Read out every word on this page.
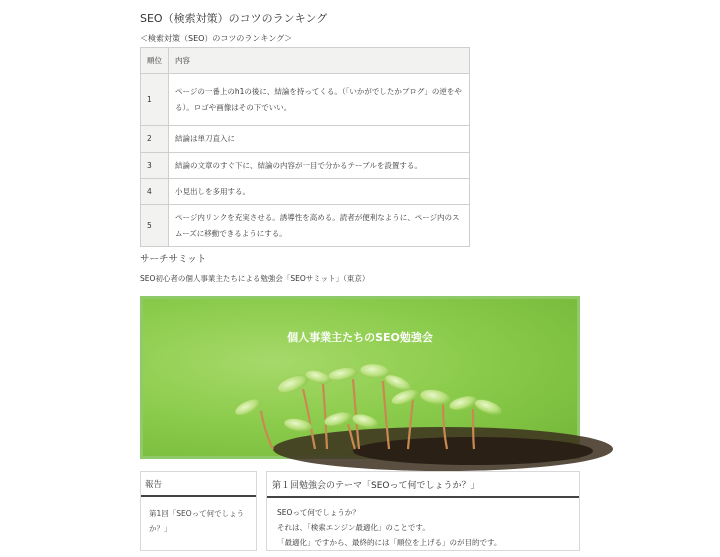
SEO（検索対策）のコツのランキング
＜検索対策（SEO）のコツのランキング＞
順位	内容
1	ページの一番上のh1の後に、結論を持ってくる。（「いかがでしたかブログ」の逆をやる）。ロゴや画像はその下でいい。
2	結論は単刀直入に
3	結論の文章のすぐ下に、結論の内容が一目で分かるテーブルを設置する。
4	小見出しを多用する。
5	ページ内リンクを充実させる。誘導性を高める。読者が便利なように、ページ内のスムーズに移動できるようにする。
サーチサミット
SEO初心者の個人事業主たちによる勉強会「SEOサミット」（東京）
個人事業主たちのSEO勉強会
報告
第1回「SEOって何でしょうか？」
第１回勉強会のテーマ「SEOって何でしょうか？」
SEOって何でしょうか？
それは、「検索エンジン最適化」のことです。
「最適化」ですから、最終的には「順位を上げる」のが目的です。
